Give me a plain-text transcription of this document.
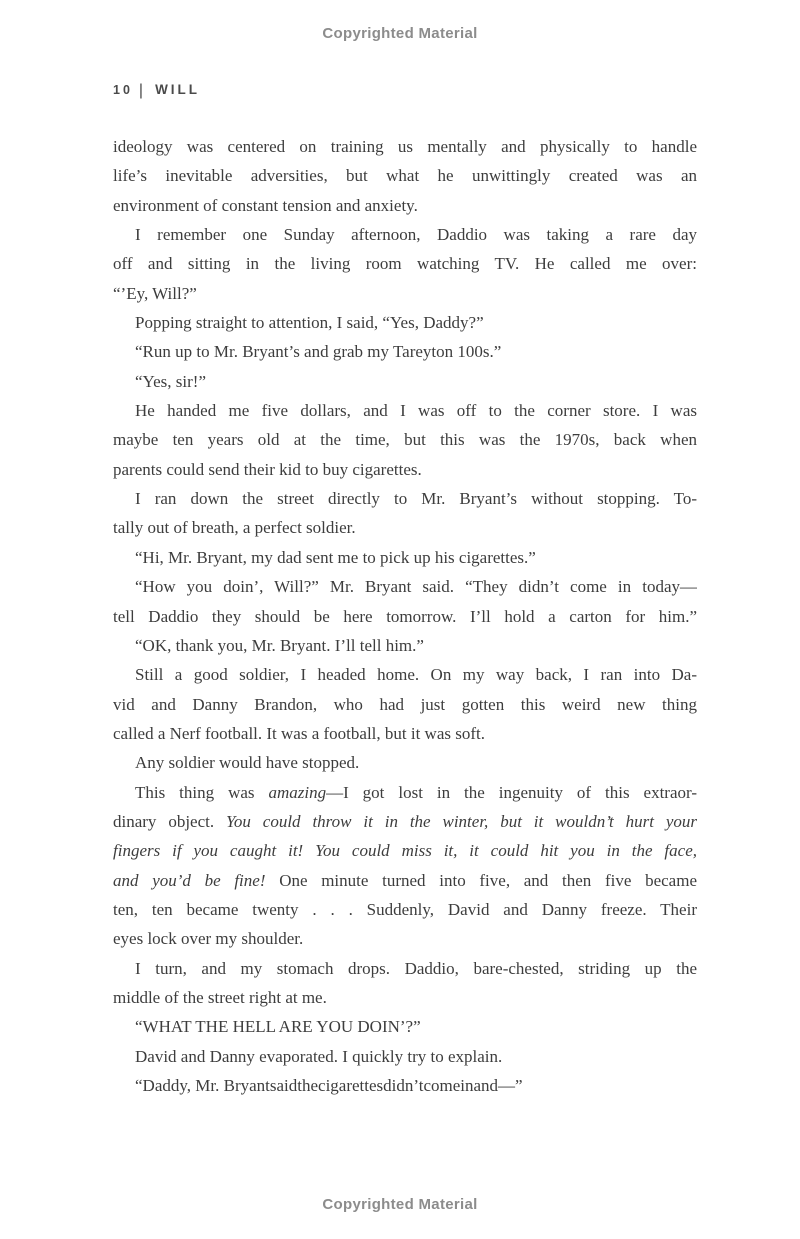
Copyrighted Material
10 | WILL
ideology was centered on training us mentally and physically to handle
life’s inevitable adversities, but what he unwittingly created was an
environment of constant tension and anxiety.
I remember one Sunday afternoon, Daddio was taking a rare day
off and sitting in the living room watching TV. He called me over:
“’Ey, Will?”
Popping straight to attention, I said, “Yes, Daddy?”
“Run up to Mr. Bryant’s and grab my Tareyton 100s.”
“Yes, sir!”
He handed me five dollars, and I was off to the corner store. I was
maybe ten years old at the time, but this was the 1970s, back when
parents could send their kid to buy cigarettes.
I ran down the street directly to Mr. Bryant’s without stopping. To-
tally out of breath, a perfect soldier.
“Hi, Mr. Bryant, my dad sent me to pick up his cigarettes.”
“How you doin’, Will?” Mr. Bryant said. “They didn’t come in today—
tell Daddio they should be here tomorrow. I’ll hold a carton for him.”
“OK, thank you, Mr. Bryant. I’ll tell him.”
Still a good soldier, I headed home. On my way back, I ran into Da-
vid and Danny Brandon, who had just gotten this weird new thing
called a Nerf football. It was a football, but it was soft.
Any soldier would have stopped.
This thing was amazing—I got lost in the ingenuity of this extraor-
dinary object. You could throw it in the winter, but it wouldn’t hurt your
fingers if you caught it! You could miss it, it could hit you in the face,
and you’d be fine! One minute turned into five, and then five became
ten, ten became twenty . . . Suddenly, David and Danny freeze. Their
eyes lock over my shoulder.
I turn, and my stomach drops. Daddio, bare-chested, striding up the
middle of the street right at me.
“WHAT THE HELL ARE YOU DOIN’?”
David and Danny evaporated. I quickly try to explain.
“Daddy, Mr. Bryantsaidthecigarettesdidn’tcomeinand—”
Copyrighted Material
